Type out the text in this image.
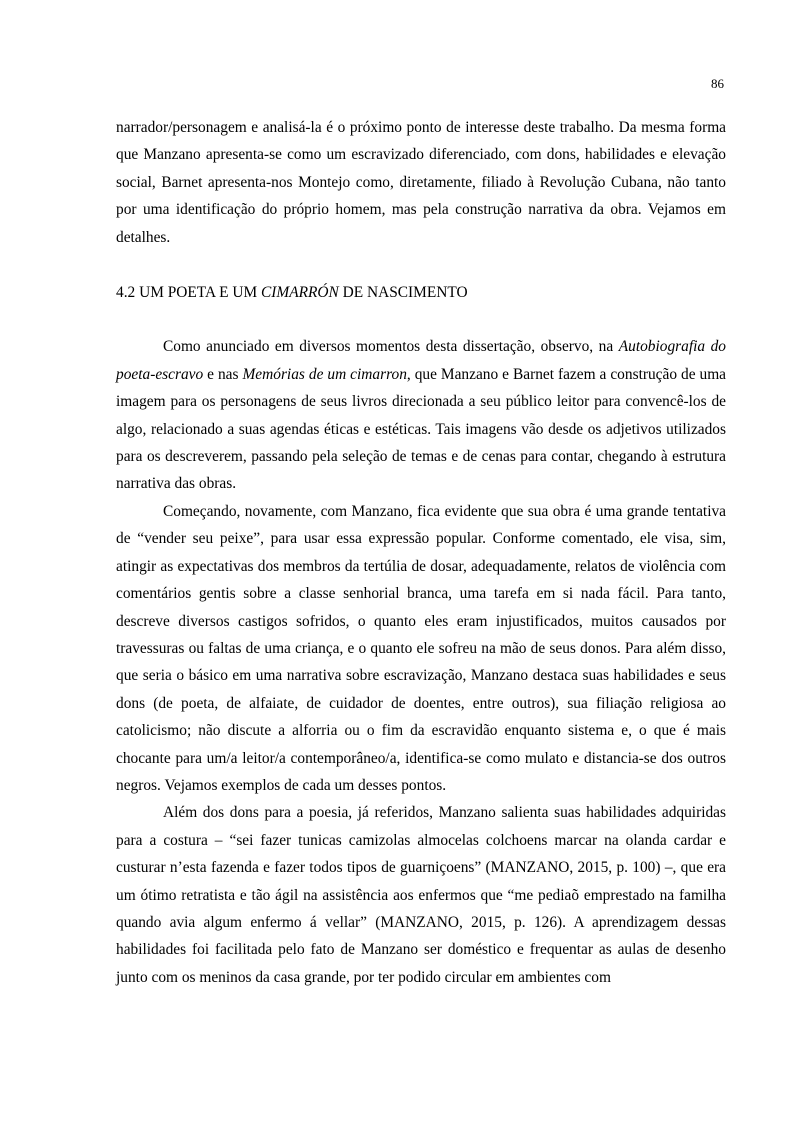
86

narrador/personagem e analisá-la é o próximo ponto de interesse deste trabalho. Da mesma forma que Manzano apresenta-se como um escravizado diferenciado, com dons, habilidades e elevação social, Barnet apresenta-nos Montejo como, diretamente, filiado à Revolução Cubana, não tanto por uma identificação do próprio homem, mas pela construção narrativa da obra. Vejamos em detalhes.

4.2 UM POETA E UM CIMARRÓN DE NASCIMENTO

Como anunciado em diversos momentos desta dissertação, observo, na Autobiografia do poeta-escravo e nas Memórias de um cimarron, que Manzano e Barnet fazem a construção de uma imagem para os personagens de seus livros direcionada a seu público leitor para convencê-los de algo, relacionado a suas agendas éticas e estéticas. Tais imagens vão desde os adjetivos utilizados para os descreverem, passando pela seleção de temas e de cenas para contar, chegando à estrutura narrativa das obras.

Começando, novamente, com Manzano, fica evidente que sua obra é uma grande tentativa de “vender seu peixe”, para usar essa expressão popular. Conforme comentado, ele visa, sim, atingir as expectativas dos membros da tertúlia de dosar, adequadamente, relatos de violência com comentários gentis sobre a classe senhorial branca, uma tarefa em si nada fácil. Para tanto, descreve diversos castigos sofridos, o quanto eles eram injustificados, muitos causados por travessuras ou faltas de uma criança, e o quanto ele sofreu na mão de seus donos. Para além disso, que seria o básico em uma narrativa sobre escravização, Manzano destaca suas habilidades e seus dons (de poeta, de alfaiate, de cuidador de doentes, entre outros), sua filiação religiosa ao catolicismo; não discute a alforria ou o fim da escravidão enquanto sistema e, o que é mais chocante para um/a leitor/a contemporâneo/a, identifica-se como mulato e distancia-se dos outros negros. Vejamos exemplos de cada um desses pontos.

Além dos dons para a poesia, já referidos, Manzano salienta suas habilidades adquiridas para a costura – “sei fazer tunicas camizolas almocelas colchoens marcar na olanda cardar e custurar n’esta fazenda e fazer todos tipos de guarniçoens” (MANZANO, 2015, p. 100) –, que era um ótimo retratista e tão ágil na assistência aos enfermos que “me pediaõ emprestado na familha quando avia algum enfermo á vellar” (MANZANO, 2015, p. 126). A aprendizagem dessas habilidades foi facilitada pelo fato de Manzano ser doméstico e frequentar as aulas de desenho junto com os meninos da casa grande, por ter podido circular em ambientes com
